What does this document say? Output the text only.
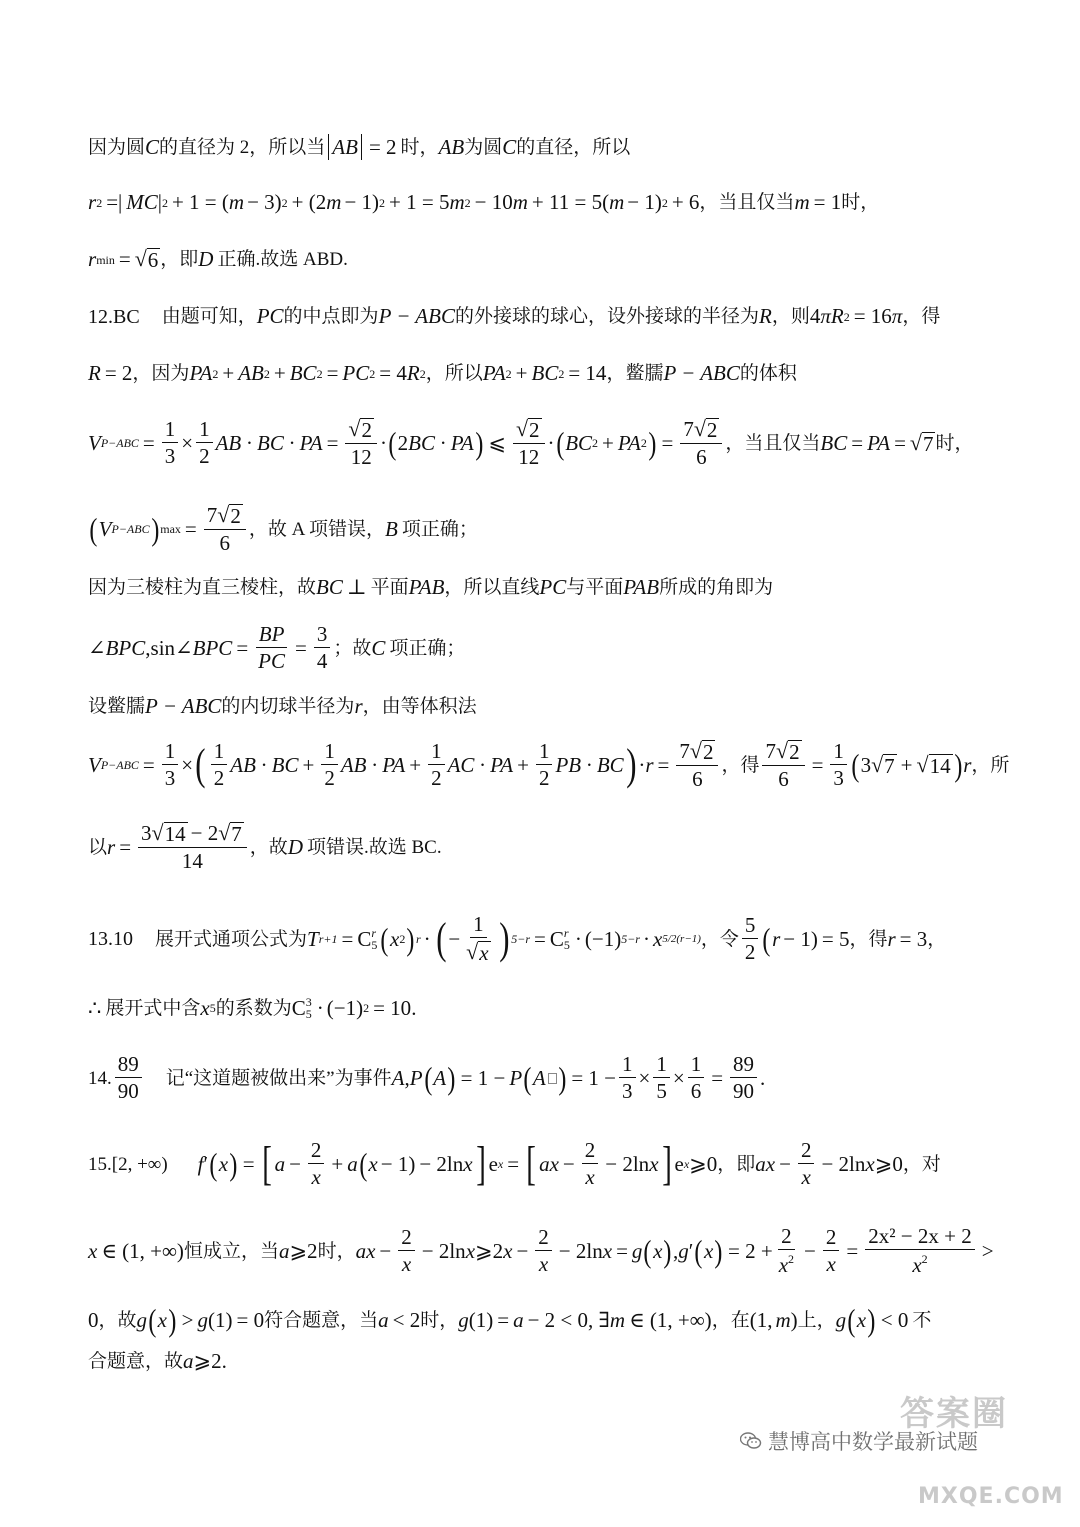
因为圆 C 的直径为 2，所以当 AB = 2 时， AB 为圆 C 的直径，所以
r 2 =| MC | 2 + 1 = ( m − 3) 2 + (2 m − 1) 2 + 1 = 5 m 2 − 10 m + 11 = 5( m − 1) 2 + 6 ，当且仅当 m = 1 时，
r min = √ 6 ，即 D 正确.故选 ABD.
12.BC 由题可知， PC 的中点即为 P − ABC 的外接球的球心，设外接球的半径为 R ，则 4 π R 2 = 16 π ，得
R = 2 ，因为 PA 2 + AB 2 + BC 2 = PC 2 = 4 R 2 ，所以 PA 2 + BC 2 = 14 ，鳖臑 P − ABC 的体积
V $P-ABC = \frac{1}{3} \times \frac{1}{2}$ AB · BC · PA = $\frac{√ 2}{12}$ · ( 2 BC · PA ) ⩽ $\frac{√ 2}{12}$ · ( BC 2 + PA 2 ) = $\frac{7 √ 2}{6}$ ，当且仅当 BC = PA = √ 7 时，
( V P−ABC ) $\max = \frac{7 √ 2}{6}$ ，故 A 项错误， B 项正确；
因为三棱柱为直三棱柱，故 BC ⊥ 平面 PAB ，所以直线 PC 与平面 PAB 所成的角即为
∠ BPC , sin ∠ BPC = $\frac{BP}{PC} = \frac{3}{4}$ ；故 C 项正确；
设鳖臑 P − ABC 的内切球半径为 r ，由等体积法
V $P-ABC = \frac{1}{3}$ × ( $\frac{1}{2}$ AB · BC + $\frac{1}{2}$ AB · PA + $\frac{1}{2}$ AC · PA + $\frac{1}{2}$ PB · BC ) · $r = \frac{7 √ 2}{6}$ ，得 $\frac{7 √ 2}{6} = \frac{1}{3}$ ( 3 √ 7 + √ 14 ) r ，所
以 $r = \frac{3 √ 14 - 2 √ 7}{14}$ ，故 D 项错误.故选 BC.
13.10 展开式通项公式为 T r+1 = C r
5 ( x 2 ) r · ( − $\frac{1}{√ x}$ ) 5−r = C r
5 · (−1) 5−r · x 5/2(r−1) ，令 $\frac{5}{2}$ ( r − 1) = 5 ，得 r = 3 ，
∴ 展开式中含 x 5 的系数为 C 3
5 · (−1) 2 = 10 .
14. $\frac{89}{90}$ 记“这道题被做出来”为事件 A , P ( A ) = 1 − P ( A ) = $1 - \frac{1}{3} \times \frac{1}{5} \times \frac{1}{6} = \frac{89}{90}$ .
15.[2, +∞) f ′ ( x ) = [ $a - \frac{2}{x} + a$ ( x − 1) − 2ln x ] e x = [ ax − $\frac{2}{x} - 2\ln$ x ] e x ⩾0 ，即 ax − $\frac{2}{x} - 2\ln$ x ⩾0 ，对
x ∈ (1, +∞) 恒成立，当 a ⩾2 时， ax − $\frac{2}{x} - 2\ln$ x ⩾2 $x - \frac{2}{x} - 2\ln$ x = g ( x ) , g ′ ( x ) = $2 + \frac{2}{x^2} - \frac{2}{x} = \frac{\text{2x² − 2x + 2}}{x^2}$ >
0 ，故 g ( x ) > g (1) = 0 符合题意，当 a < 2 时， g (1) = a − 2 < 0, ∃ m ∈ (1, +∞) ，在 (1, m ) 上， g ( x ) < 0 不
合题意，故 a ⩾2 .
答案圈
慧博高中数学最新试题
MXQE.COM
